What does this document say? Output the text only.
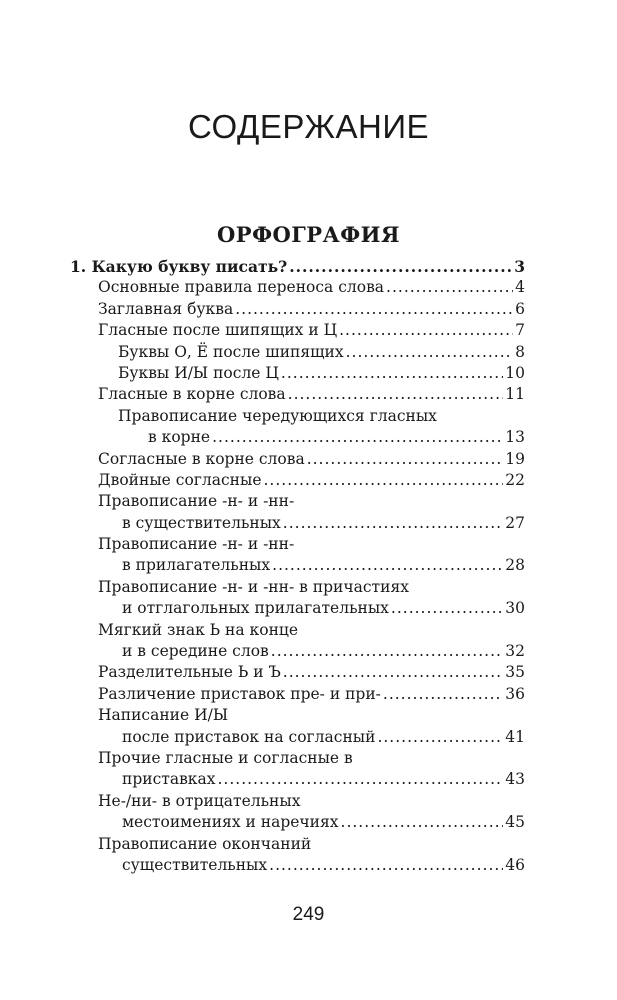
СОДЕРЖАНИЕ
ОРФОГРАФИЯ
1. Какую букву писать? .....	3
Основные правила переноса слова .....	4
Заглавная буква .....	6
Гласные после шипящих и Ц .....	7
Буквы О, Ё после шипящих .....	8
Буквы И/Ы после Ц .....	10
Гласные в корне слова .....	11
Правописание чередующихся гласных
в корне .....	13
Согласные в корне слова .....	19
Двойные согласные .....	22
Правописание -н- и -нн-
в существительных .....	27
Правописание -н- и -нн-
в прилагательных .....	28
Правописание -н- и -нн- в причастиях
и отглагольных прилагательных .....	30
Мягкий знак Ь на конце
и в середине слов .....	32
Разделительные Ь и Ъ .....	35
Различение приставок пре- и при- .....	36
Написание И/Ы
после приставок на согласный .....	41
Прочие гласные и согласные в
приставках .....	43
Не-/ни- в отрицательных
местоимениях и наречиях .....	45
Правописание окончаний
существительных .....	46
249
